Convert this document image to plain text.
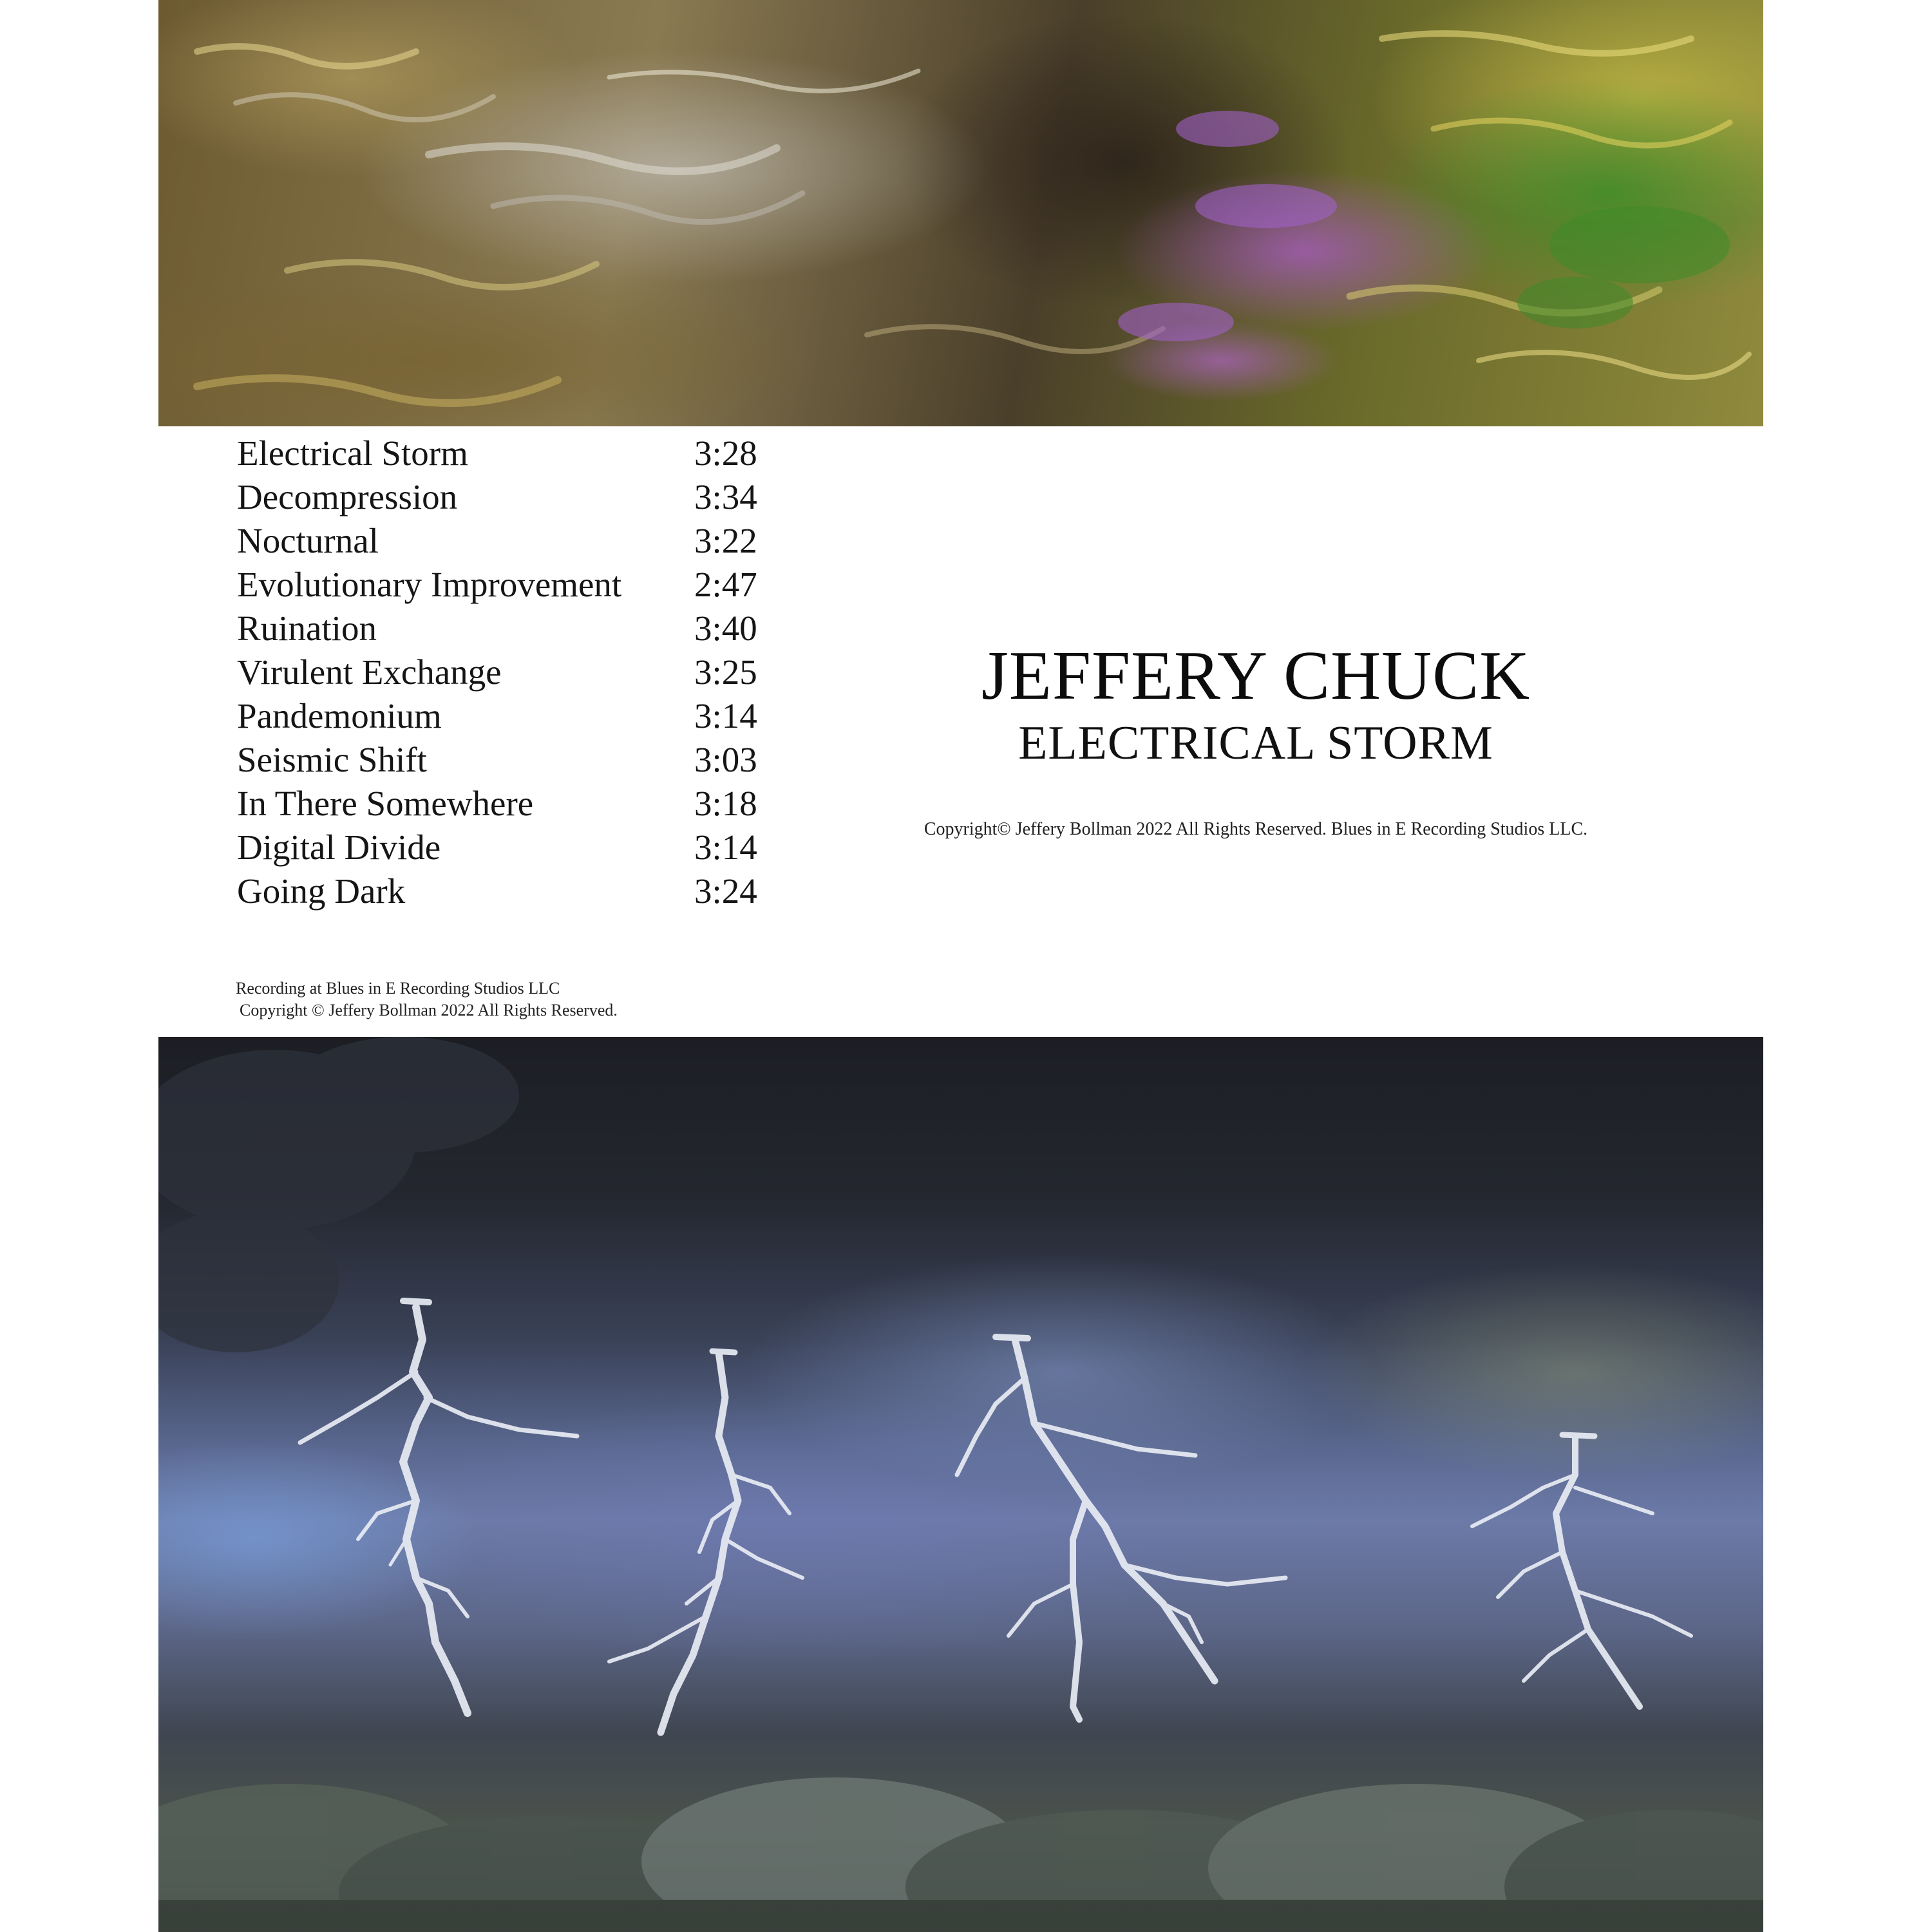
Electrical Storm	3:28
Decompression	3:34
Nocturnal	3:22
Evolutionary Improvement 2:47
Ruination	3:40
Virulent Exchange	3:25
Pandemonium	3:14
Seismic Shift	3:03
In There Somewhere	3:18
Digital Divide	3:14
Going Dark	3:24
JEFFERY CHUCK
ELECTRICAL STORM
Copyright© Jeffery Bollman 2022 All Rights Reserved. Blues in E Recording Studios LLC.
Recording at Blues in E Recording Studios LLC
Copyright © Jeffery Bollman 2022 All Rights Reserved.
